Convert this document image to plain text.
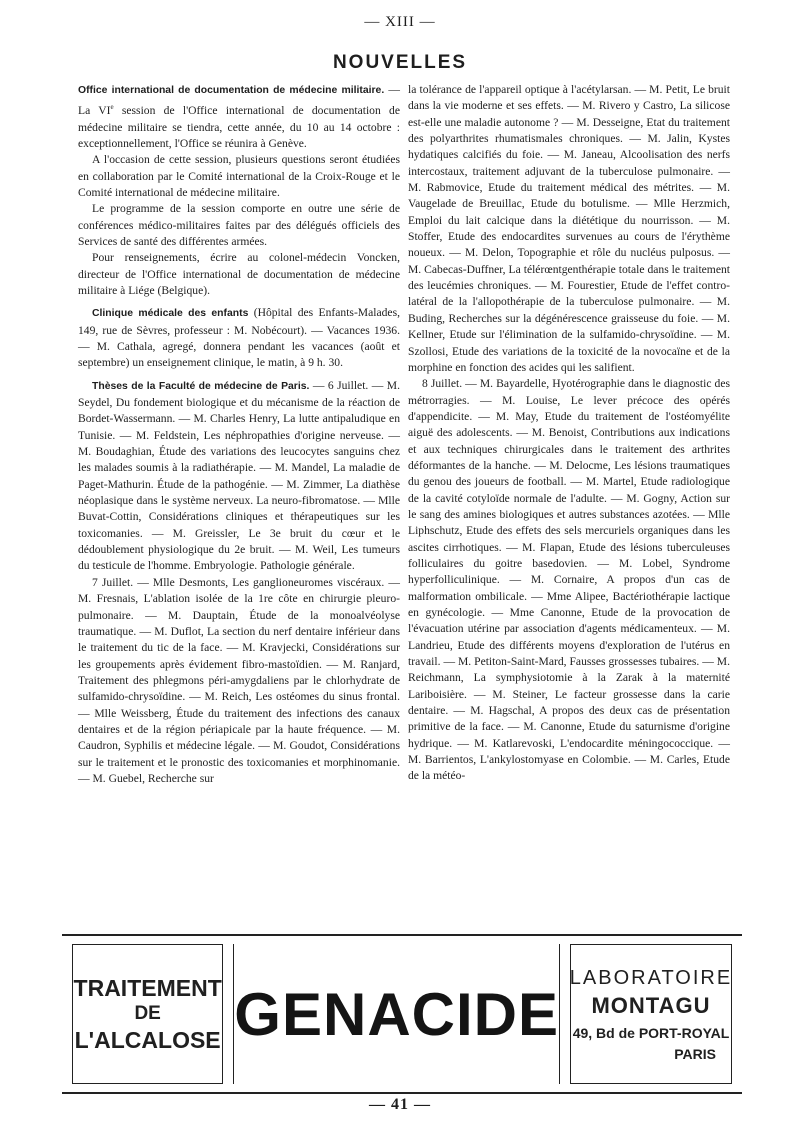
— XIII —
NOUVELLES

Office international de documentation de médecine militaire. — La VIe session de l'Office international de documentation de médecine militaire se tiendra, cette année, du 10 au 14 octobre : exceptionnellement, l'Office se réunira à Genève.

A l'occasion de cette session, plusieurs questions seront étudiées en collaboration par le Comité international de la Croix-Rouge et le Comité international de médecine militaire.

Le programme de la session comporte en outre une série de conférences médico-militaires faites par des délégués officiels des Services de santé des différentes armées.

Pour renseignements, écrire au colonel-médecin Voncken, directeur de l'Office international de documentation de médecine militaire à Liége (Belgique).

Clinique médicale des enfants (Hôpital des Enfants-Malades, 149, rue de Sèvres, professeur : M. Nobécourt). — Vacances 1936. — M. Cathala, agregé, donnera pendant les vacances (août et septembre) un enseignement clinique, le matin, à 9 h. 30.

Thèses de la Faculté de médecine de Paris. — 6 Juillet. — M. Seydel, Du fondement biologique et du mécanisme de la réaction de Bordet-Wassermann. — M. Charles Henry, La lutte antipaludique en Tunisie. — M. Feldstein, Les néphropathies d'origine nerveuse. — M. Boudaghian, Étude des variations des leucocytes sanguins chez les malades soumis à la radiathérapie. — M. Mandel, La maladie de Paget-Mathurin. Étude de la pathogénie. — M. Zimmer, La diathèse néoplasique dans le système nerveux. La neuro-fibromatose. — Mlle Buvat-Cottin, Considérations cliniques et thérapeutiques sur les toxicomanies. — M. Greissler, Le 3e bruit du cœur et le dédoublement physiologique du 2e bruit. — M. Weil, Les tumeurs du testicule de l'homme. Embryologie. Pathologie générale.

7 Juillet. — Mlle Desmonts, Les ganglioneuromes viscéraux. — M. Fresnais, L'ablation isolée de la 1re côte en chirurgie pleuro-pulmonaire. — M. Dauptain, Étude de la monoalvéolyse traumatique. — M. Duflot, La section du nerf dentaire inférieur dans le traitement du tic de la face. — M. Kravjecki, Considérations sur les groupements après évidement fibro-mastoïdien. — M. Ranjard, Traitement des phlegmons péri-amygdaliens par le chlorhydrate de sulfamido-chrysoïdine. — M. Reich, Les ostéomes du sinus frontal. — Mlle Weissberg, Étude du traitement des infections des canaux dentaires et de la région périapicale par la haute fréquence. — M. Caudron, Syphilis et médecine légale. — M. Goudot, Considérations sur le traitement et le pronostic des toxicomanies et morphinomanie. — M. Guebel, Recherche sur

la tolérance de l'appareil optique à l'acétylarsan. — M. Petit, Le bruit dans la vie moderne et ses effets. — M. Rivero y Castro, La silicose est-elle une maladie autonome ? — M. Desseigne, Etat du traitement des polyarthrites rhumatismales chroniques. — M. Jalin, Kystes hydatiques calcifiés du foie. — M. Janeau, Alcoolisation des nerfs intercostaux, traitement adjuvant de la tuberculose pulmonaire. — M. Rabmovice, Etude du traitement médical des métrites. — M. Vaugelade de Breuillac, Etude du botulisme. — Mlle Herzmich, Emploi du lait calcique dans la diététique du nourrisson. — M. Stoffer, Etude des endocardites survenues au cours de l'érythème noueux. — M. Delon, Topographie et rôle du nucléus pulposus. — M. Cabecas-Duffner, La télérœntgenthérapie totale dans le traitement des leucémies chroniques. — M. Fourestier, Etude de l'effet contro-latéral de la l'allopothérapie de la tuberculose pulmonaire. — M. Buding, Recherches sur la dégénérescence graisseuse du foie. — M. Kellner, Etude sur l'élimination de la sulfamido-chrysoïdine. — M. Szollosi, Etude des variations de la toxicité de la novocaïne et de la morphine en fonction des acides qui les salifient.

8 Juillet. — M. Bayardelle, Hyotérographie dans le diagnostic des métrorragies. — M. Louise, Le lever précoce des opérés d'appendicite. — M. May, Etude du traitement de l'ostéomyélite aiguë des adolescents. — M. Benoist, Contributions aux indications et aux techniques chirurgicales dans le traitement des arthrites déformantes de la hanche. — M. Delocme, Les lésions traumatiques du genou des joueurs de football. — M. Martel, Etude radiologique de la cavité cotyloïde normale de l'adulte. — M. Gogny, Action sur le sang des amines biologiques et autres substances azotées. — Mlle Liphschutz, Etude des effets des sels mercuriels organiques dans les ascites cirrhotiques. — M. Flapan, Etude des lésions tuberculeuses folliculaires du goitre basedovien. — M. Lobel, Syndrome hyperfolliculinique. — M. Cornaire, A propos d'un cas de malformation ombilicale. — Mme Alipee, Bactériothérapie lactique en gynécologie. — Mme Canonne, Etude de la provocation de l'évacuation utérine par association d'agents médicamenteux. — M. Landrieu, Etude des différents moyens d'exploration de l'utérus en travail. — M. Petiton-Saint-Mard, Fausses grossesses tubaires. — M. Reichmann, La symphysiotomie à la Zarak à la maternité Lariboisière. — M. Steiner, Le facteur grossesse dans la carie dentaire. — M. Hagschal, A propos des deux cas de présentation primitive de la face. — M. Canonne, Etude du saturnisme d'origine hydrique. — M. Katlarevoski, L'endocardite méningococcique. — M. Barrientos, L'ankylostomyase en Colombie. — M. Carles, Etude de la météo-

TRAITEMENT
DE
L'ALCALOSE GENACIDE
LABORATOIRE
MONTAGU
49, Bd de PORT-ROYAL
PARIS
— 41 —
